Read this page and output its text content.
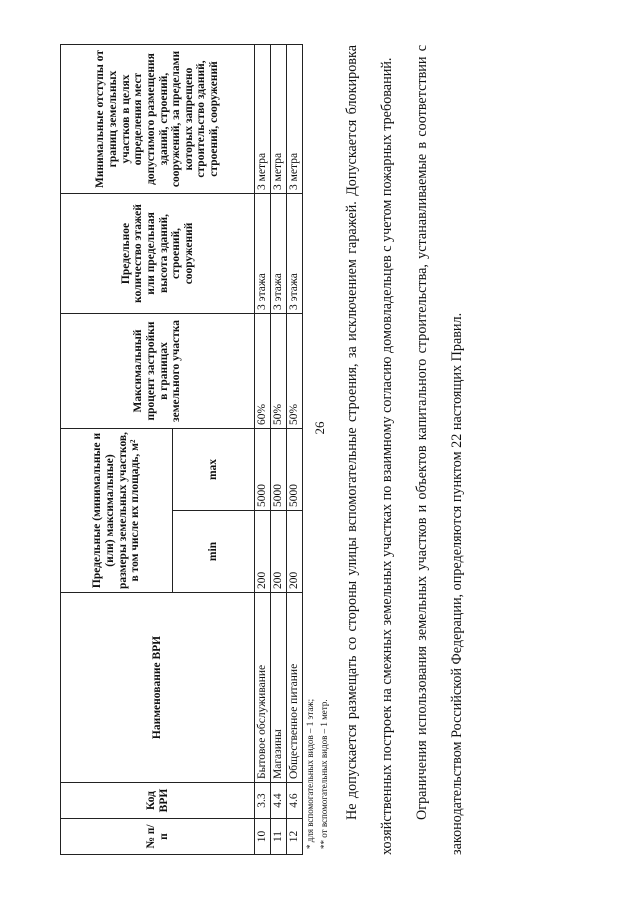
26
№ п/п	Код ВРИ	Наименование ВРИ	Предельные (минимальные и (или) максимальные) размеры земельных участков, в том числе их площадь, м²		Максимальный процент застройки в границах земельного участка	Предельное количество этажей или предельная высота зданий, строений, сооружений	Минимальные отступы от границ земельных участков в целях определения мест допустимого размещения зданий, строений, сооружений, за пределами которых запрещено строительство зданий, строений, сооружений
			min	max			
10	3.3	Бытовое обслуживание	200	5000	60%	3 этажа	3 метра
11	4.4	Магазины	200	5000	50%	3 этажа	3 метра
12	4.6	Общественное питание	200	5000	50%	3 этажа	3 метра
* для вспомогательных видов – 1 этаж; ** от вспомогательных видов – 1 метр.	Не допускается размещать со стороны улицы вспомогательные строения, за исключением гаражей. Допускается блокировка хозяйственных построек на смежных земельных участках по взаимному согласию домовладельцев с учетом пожарных требований.	Ограничения использования земельных участков и объектов капитального строительства, устанавливаемые в соответствии с законодательством Российской Федерации, определяются пунктом 22 настоящих Правил.
